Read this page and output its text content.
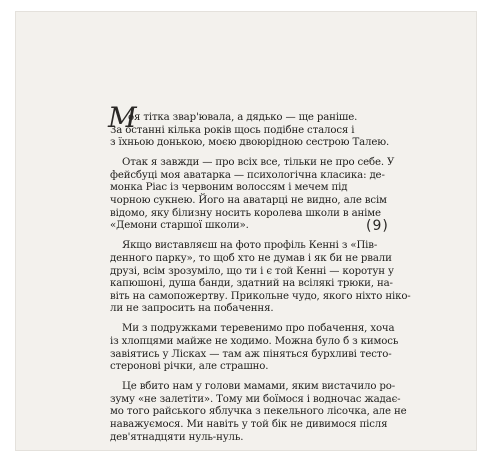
М
оя тітка звар'ювала, а дядько — ще раніше.
За останні кілька років щось подібне сталося і
з їхньою донькою, моєю двоюрідною сестрою Талею.
Отак я завжди — про всіх все, тільки не про себе. У
фейсбуці моя аватарка — психологічна класика: де-
монка Ріас із червоним волоссям і мечем під
чорною сукнею. Його на аватарці не видно, але всім
відомо, яку білизну носить королева школи в аніме
«Демони старшої школи».
Якщо виставляєш на фото профіль Кенні з «Пів-
денного парку», то щоб хто не думав і як би не рвали
друзі, всім зрозуміло, що ти і є той Кенні — коротун у
капюшоні, душа банди, здатний на всілякі трюки, на-
віть на самопожертву. Прикольне чудо, якого ніхто ніко-
ли не запросить на побачення.
Ми з подружками теревенимо про побачення, хоча
із хлопцями майже не ходимо. Можна було б з кимось
завіятись у Лісках — там аж піняться бурхливі тесто-
стеронові річки, але страшно.
Це вбито нам у голови мамами, яким вистачило ро-
зуму «не залетіти». Тому ми боїмося і водночас жадає-
мо того райського яблучка з пекельного лісочка, але не
наважуємося. Ми навіть у той бік не дивимося після
дев'ятнадцяти нуль-нуль.
(9)
